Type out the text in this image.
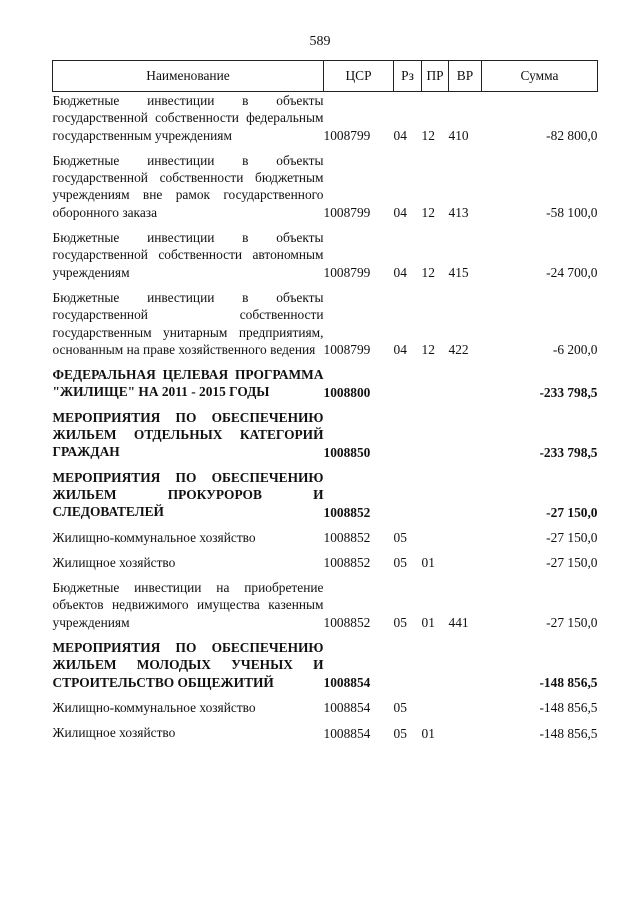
589
Наименование	ЦСР	Рз	ПР	ВР	Сумма
Бюджетные инвестиции в объекты государственной собственности федеральным государственным учреждениям	1008799	04	12	410	-82 800,0

Бюджетные инвестиции в объекты государственной собственности бюджетным учреждениям вне рамок государственного оборонного заказа	1008799	04	12	413	-58 100,0

Бюджетные инвестиции в объекты государственной собственности автономным учреждениям	1008799	04	12	415	-24 700,0

Бюджетные инвестиции в объекты государственной собственности государственным унитарным предприятиям, основанным на праве хозяйственного ведения	1008799	04	12	422	-6 200,0

ФЕДЕРАЛЬНАЯ ЦЕЛЕВАЯ ПРОГРАММА "ЖИЛИЩЕ" НА 2011 - 2015 ГОДЫ	1008800				-233 798,5

МЕРОПРИЯТИЯ ПО ОБЕСПЕЧЕНИЮ ЖИЛЬЕМ ОТДЕЛЬНЫХ КАТЕГОРИЙ ГРАЖДАН	1008850				-233 798,5

МЕРОПРИЯТИЯ ПО ОБЕСПЕЧЕНИЮ ЖИЛЬЕМ ПРОКУРОРОВ И СЛЕДОВАТЕЛЕЙ	1008852				-27 150,0

Жилищно-коммунальное хозяйство	1008852	05			-27 150,0

Жилищное хозяйство	1008852	05	01		-27 150,0

Бюджетные инвестиции на приобретение объектов недвижимого имущества казенным учреждениям	1008852	05	01	441	-27 150,0

МЕРОПРИЯТИЯ ПО ОБЕСПЕЧЕНИЮ ЖИЛЬЕМ МОЛОДЫХ УЧЕНЫХ И СТРОИТЕЛЬСТВО ОБЩЕЖИТИЙ	1008854				-148 856,5

Жилищно-коммунальное хозяйство	1008854	05			-148 856,5

Жилищное хозяйство	1008854	05	01		-148 856,5
